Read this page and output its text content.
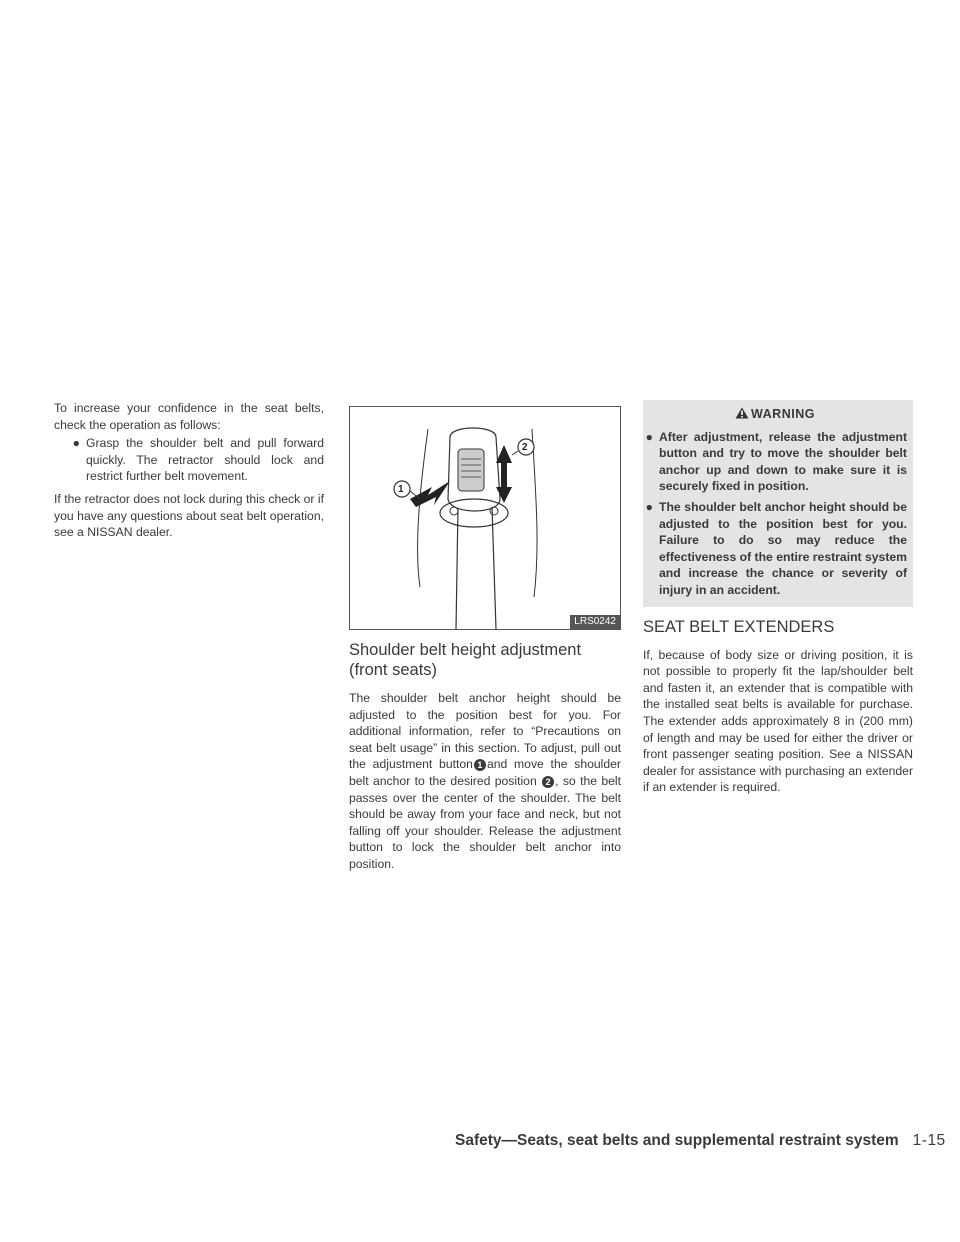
To increase your confidence in the seat belts, check the operation as follows:

● Grasp the shoulder belt and pull forward quickly. The retractor should lock and restrict further belt movement.

If the retractor does not lock during this check or if you have any questions about seat belt operation, see a NISSAN dealer.

1
2
LRS0242
Shoulder belt height adjustment (front seats)

The shoulder belt anchor height should be adjusted to the position best for you. For additional information, refer to “Precautions on seat belt usage” in this section. To adjust, pull out the adjustment button 1 and move the shoulder belt anchor to the desired position 2 , so the belt passes over the center of the shoulder. The belt should be away from your face and neck, but not falling off your shoulder. Release the adjustment button to lock the shoulder belt anchor into position.

WARNING
● After adjustment, release the adjustment button and try to move the shoulder belt anchor up and down to make sure it is securely fixed in position.
● The shoulder belt anchor height should be adjusted to the position best for you. Failure to do so may reduce the effectiveness of the entire restraint system and increase the chance or severity of injury in an accident.
SEAT BELT EXTENDERS

If, because of body size or driving position, it is not possible to properly fit the lap/shoulder belt and fasten it, an extender that is compatible with the installed seat belts is available for purchase. The extender adds approximately 8 in (200 mm) of length and may be used for either the driver or front passenger seating position. See a NISSAN dealer for assistance with purchasing an extender if an extender is required.

Safety—Seats, seat belts and supplemental restraint system 1-15
